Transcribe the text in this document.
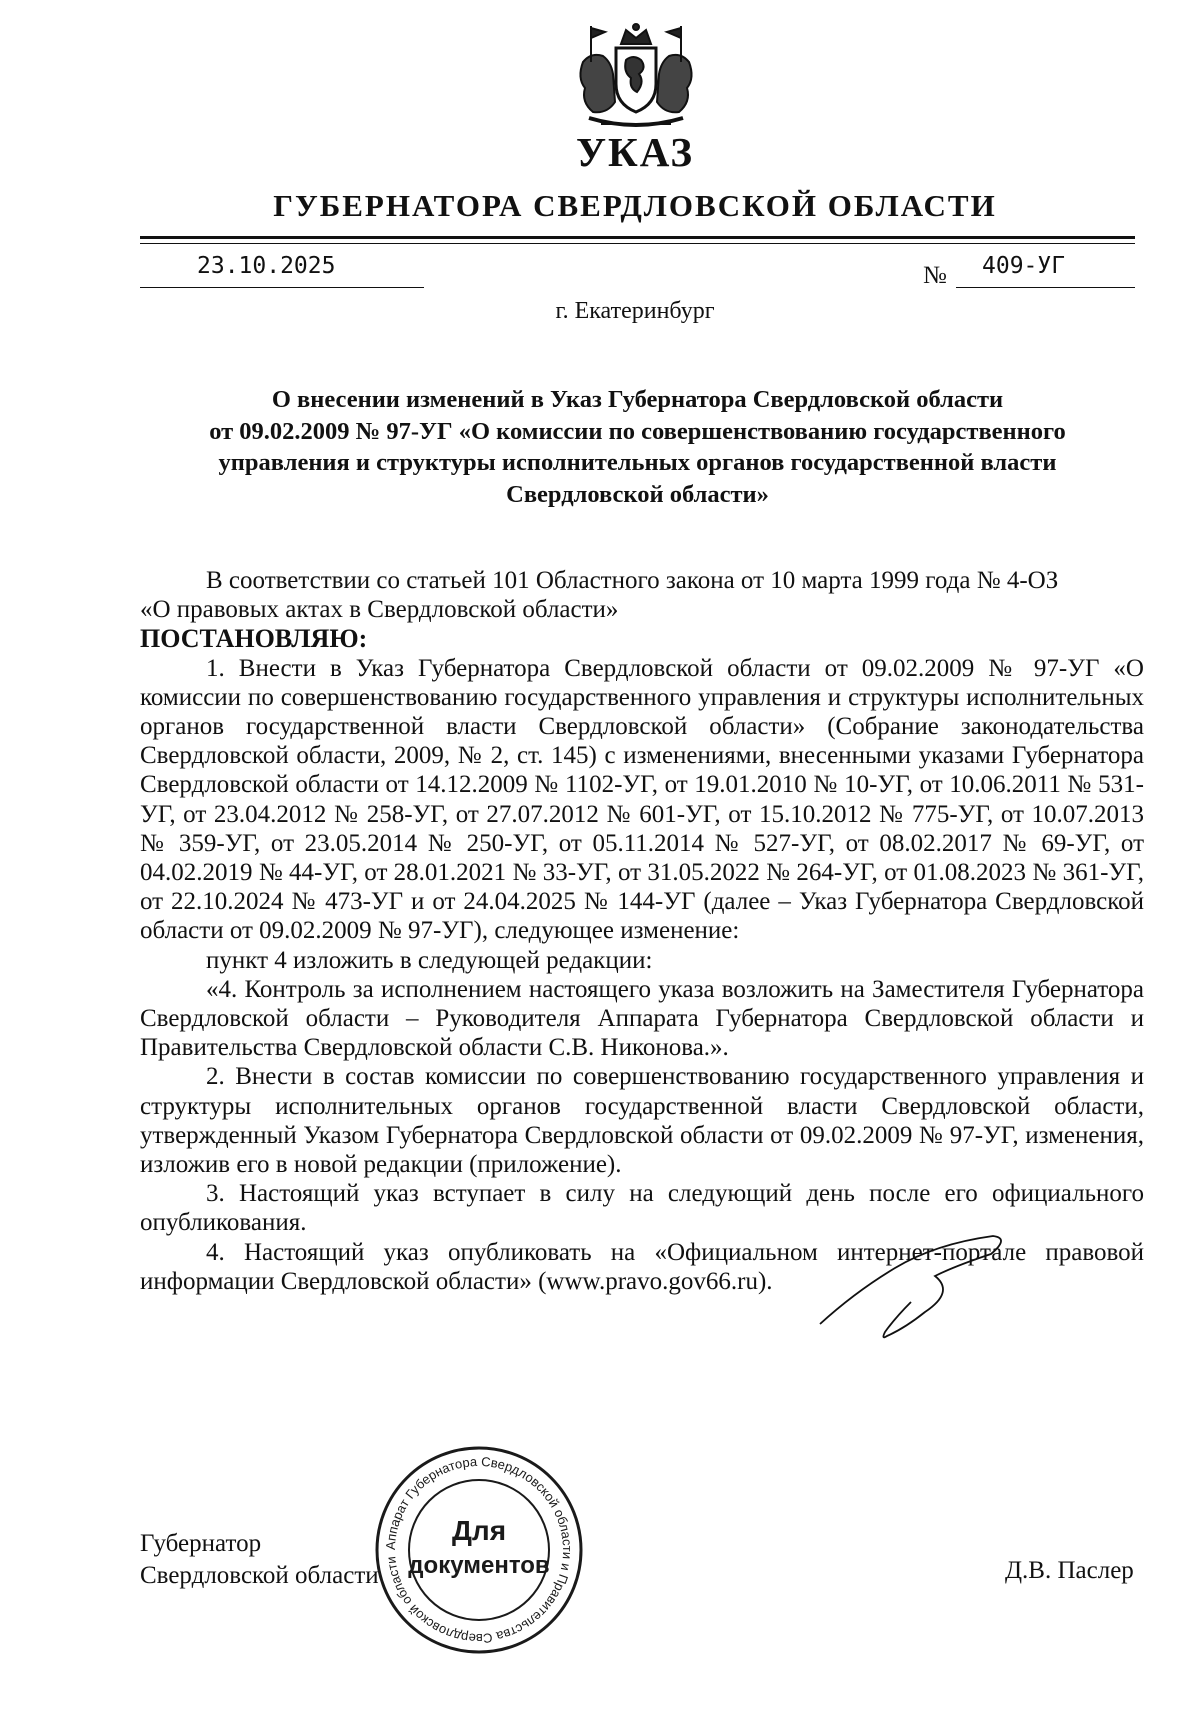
УКАЗ
ГУБЕРНАТОРА СВЕРДЛОВСКОЙ ОБЛАСТИ
23.10.2025	№ 409-УГ
г. Екатеринбург
О внесении изменений в Указ Губернатора Свердловской области
от 09.02.2009 № 97-УГ «О комиссии по совершенствованию государственного
управления и структуры исполнительных органов государственной власти
Свердловской области»

В соответствии со статьей 101 Областного закона от 10 марта 1999 года № 4-ОЗ

«О правовых актах в Свердловской области»

ПОСТАНОВЛЯЮ:

1. Внести в Указ Губернатора Свердловской области от 09.02.2009 № 97-УГ «О комиссии по совершенствованию государственного управления и структуры исполнительных органов государственной власти Свердловской области» (Собрание законодательства Свердловской области, 2009, № 2, ст. 145) с изменениями, внесенными указами Губернатора Свердловской области от 14.12.2009 № 1102-УГ, от 19.01.2010 № 10-УГ, от 10.06.2011 № 531-УГ, от 23.04.2012 № 258-УГ, от 27.07.2012 № 601-УГ, от 15.10.2012 № 775-УГ, от 10.07.2013 № 359-УГ, от 23.05.2014 № 250-УГ, от 05.11.2014 № 527-УГ, от 08.02.2017 № 69-УГ, от 04.02.2019 № 44-УГ, от 28.01.2021 № 33-УГ, от 31.05.2022 № 264-УГ, от 01.08.2023 № 361-УГ, от 22.10.2024 № 473-УГ и от 24.04.2025 № 144-УГ (далее – Указ Губернатора Свердловской области от 09.02.2009 № 97-УГ), следующее изменение:

пункт 4 изложить в следующей редакции:

«4. Контроль за исполнением настоящего указа возложить на Заместителя Губернатора Свердловской области – Руководителя Аппарата Губернатора Свердловской области и Правительства Свердловской области С.В. Никонова.».

2. Внести в состав комиссии по совершенствованию государственного управления и структуры исполнительных органов государственной власти Свердловской области, утвержденный Указом Губернатора Свердловской области от 09.02.2009 № 97-УГ, изменения, изложив его в новой редакции (приложение).

3. Настоящий указ вступает в силу на следующий день после его официального опубликования.

4. Настоящий указ опубликовать на «Официальном интернет-портале правовой информации Свердловской области» (www.pravo.gov66.ru).

Губернатор
Свердловской области	Д.В. Паслер
Аппарат Губернатора Свердловской области и Правительства Свердловской области
Для
документов
